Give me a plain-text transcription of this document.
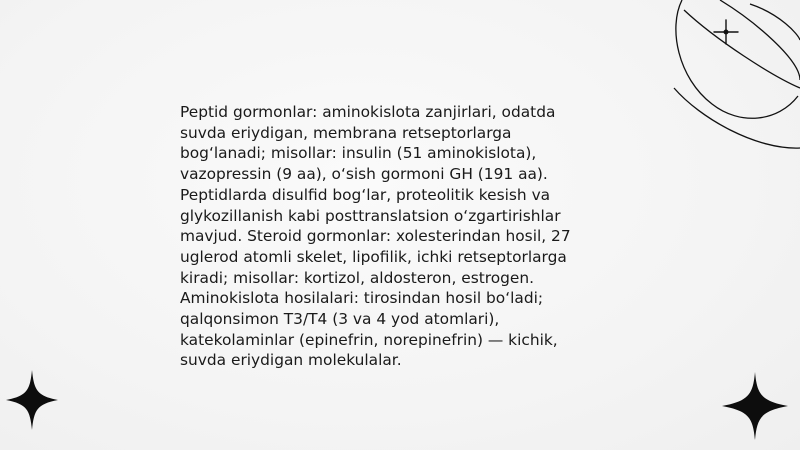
Peptid gormonlar: aminokislota zanjirlari, odatda suvda eriydigan, membrana retseptorlarga bog‘lanadi; misollar: insulin (51 aminokislota), vazopressin (9 aa), o‘sish gormoni GH (191 aa). Peptidlarda disulfid bog‘lar, proteolitik kesish va glykozillanish kabi posttranslatsion o‘zgartirishlar mavjud. Steroid gormonlar: xolesterindan hosil, 27 uglerod atomli skelet, lipofilik, ichki retseptorlarga kiradi; misollar: kortizol, aldosteron, estrogen. Aminokislota hosilalari: tirosindan hosil bo‘ladi; qalqonsimon T3/T4 (3 va 4 yod atomlari), katekolaminlar (epinefrin, norepinefrin) — kichik, suvda eriydigan molekulalar.
